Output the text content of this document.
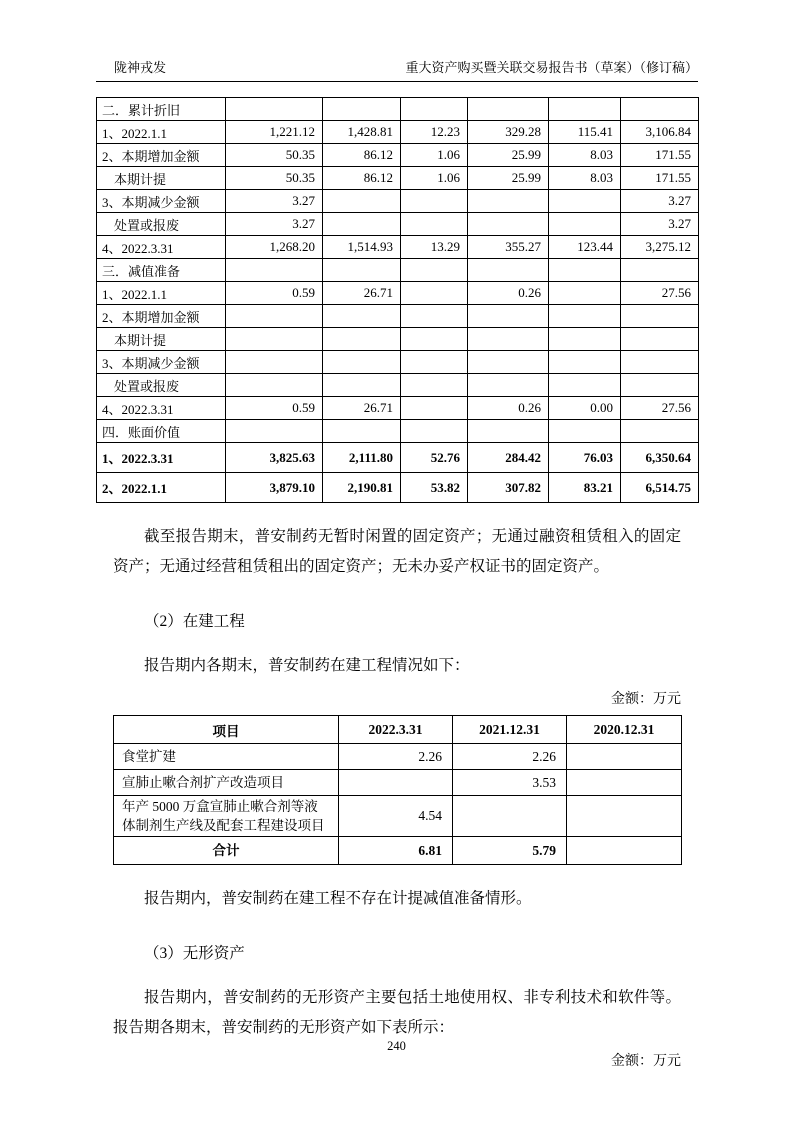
陇神戎发	重大资产购买暨关联交易报告书（草案）（修订稿）
二．累计折旧						
1、2022.1.1	1,221.12	1,428.81	12.23	329.28	115.41	3,106.84
2、本期增加金额	50.35	86.12	1.06	25.99	8.03	171.55
本期计提	50.35	86.12	1.06	25.99	8.03	171.55
3、本期减少金额	3.27					3.27
处置或报废	3.27					3.27
4、2022.3.31	1,268.20	1,514.93	13.29	355.27	123.44	3,275.12
三．减值准备						
1、2022.1.1	0.59	26.71		0.26		27.56
2、本期增加金额						
本期计提						
3、本期减少金额						
处置或报废						
4、2022.3.31	0.59	26.71		0.26	0.00	27.56
四．账面价值						
1、2022.3.31	3,825.63	2,111.80	52.76	284.42	76.03	6,350.64
2、2022.1.1	3,879.10	2,190.81	53.82	307.82	83.21	6,514.75

截至报告期末，普安制药无暂时闲置的固定资产；无通过融资租赁租入的固定资产；无通过经营租赁租出的固定资产；无未办妥产权证书的固定资产。

（2）在建工程

报告期内各期末，普安制药在建工程情况如下：

金额：万元

项目	2022.3.31	2021.12.31	2020.12.31
食堂扩建	2.26	2.26	
宣肺止嗽合剂扩产改造项目		3.53	
年产 5000 万盒宣肺止嗽合剂等液体制剂生产线及配套工程建设项目	4.54		
合计	6.81	5.79	

报告期内，普安制药在建工程不存在计提减值准备情形。

（3）无形资产

报告期内，普安制药的无形资产主要包括土地使用权、非专利技术和软件等。报告期各期末，普安制药的无形资产如下表所示：

金额：万元

240
